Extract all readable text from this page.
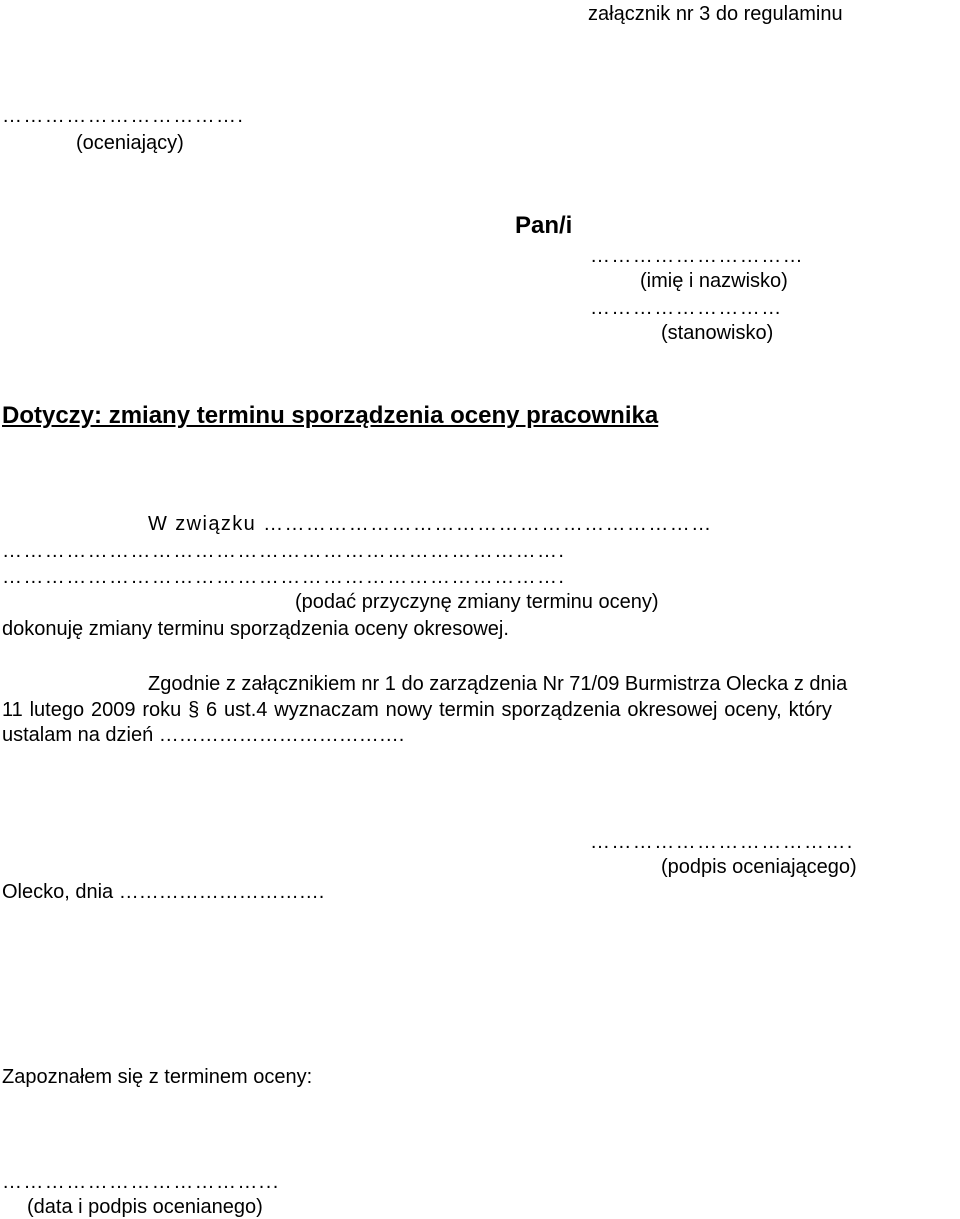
załącznik nr 3 do regulaminu
…………………………….
(oceniający)
Pan/i
…………………………
(imię i nazwisko)
………………………
(stanowisko)
Dotyczy: zmiany terminu sporządzenia oceny pracownika
W związku ………………………………………………………
…………………………………………………………………….
…………………………………………………………………….
(podać przyczynę zmiany terminu oceny)
dokonuję zmiany terminu sporządzenia oceny okresowej.
Zgodnie z załącznikiem nr 1 do zarządzenia Nr 71/09 Burmistrza Olecka z dnia
11 lutego 2009 roku § 6 ust.4 wyznaczam nowy termin sporządzenia okresowej oceny, który
ustalam na dzień ……………………………….
……………………………….
(podpis oceniającego)
Olecko, dnia ………………………….
Zapoznałem się z terminem oceny:
………………………………...
(data i podpis ocenianego)
